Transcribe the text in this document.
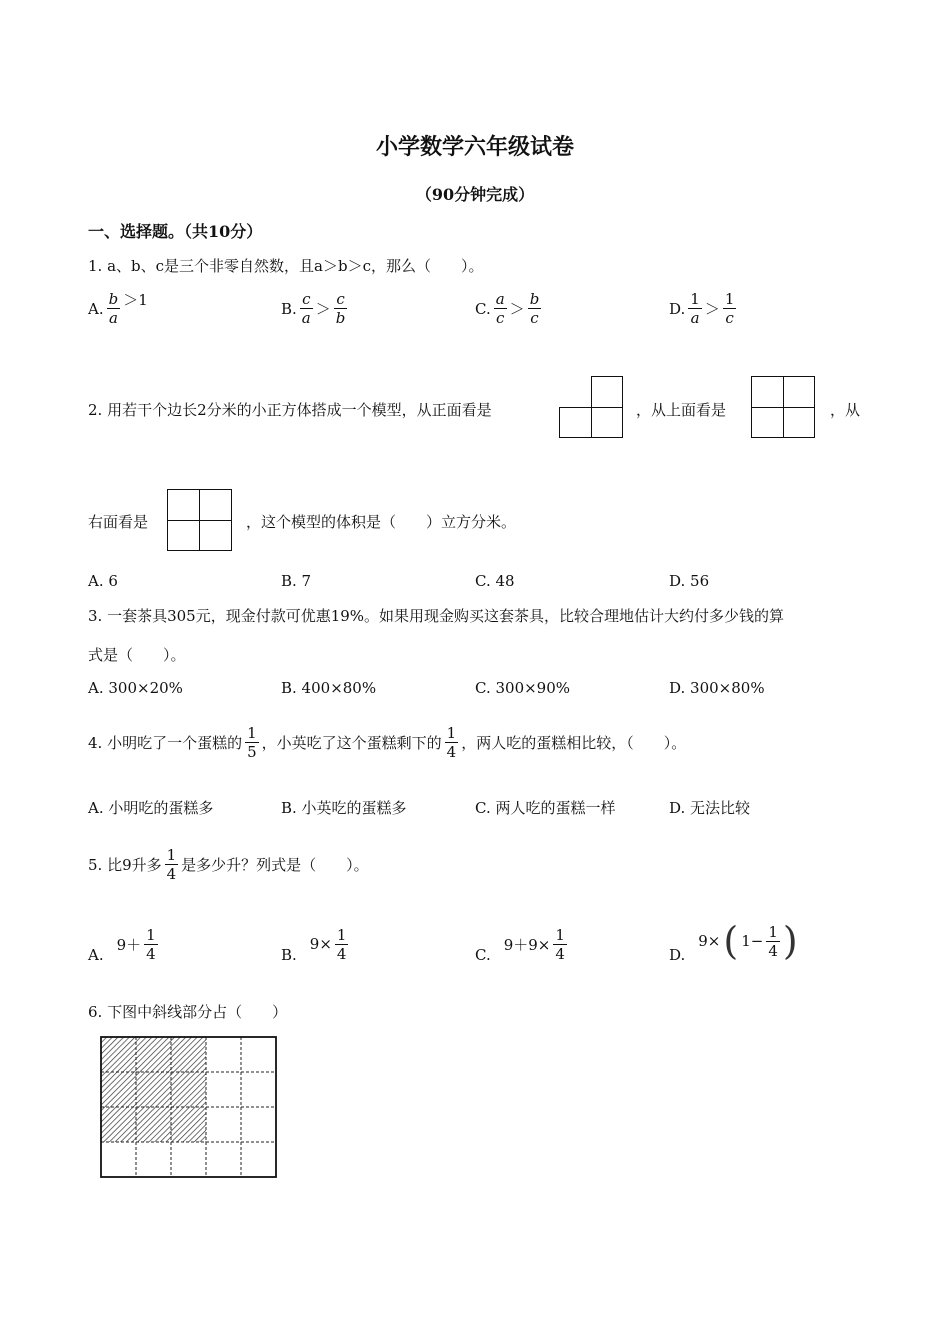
小学数学六年级试卷
（90分钟完成）
一、选择题。（共10分）
1. a、b、c是三个非零自然数，且a＞b＞c，那么（　　）。
A. $\frac{b}{a} >1$	B. $\frac{c}{a} > \frac{c}{b}$	C. $\frac{a}{c} > \frac{b}{c}$	D. $\frac{1}{a} > \frac{1}{c}$
2. 用若干个边长2分米的小正方体搭成一个模型，从正面看是	，从上面看是	，从
右面看是	，这个模型的体积是（　　）立方分米。
A. 6	B. 7	C. 48	D. 56
3. 一套茶具305元，现金付款可优惠19%。如果用现金购买这套茶具，比较合理地估计大约付多少钱的算
式是（　　）。
A. 300×20%	B. 400×80%	C. 300×90%	D. 300×80%
4. 小明吃了一个蛋糕的 $\frac{1}{5}$ ，小英吃了这个蛋糕剩下的 $\frac{1}{4}$ ，两人吃的蛋糕相比较，（　　）。
A. 小明吃的蛋糕多	B. 小英吃的蛋糕多	C. 两人吃的蛋糕一样	D. 无法比较
5. 比9升多 $\frac{1}{4}$ 是多少升？列式是（　　）。
A.
$9+ \frac{1}{4}$	B.
$9\times \frac{1}{4}$	C.
$9+9\times \frac{1}{4}$	D.
9× ( $1- \frac{1}{4}$ )
6. 下图中斜线部分占（　　）
